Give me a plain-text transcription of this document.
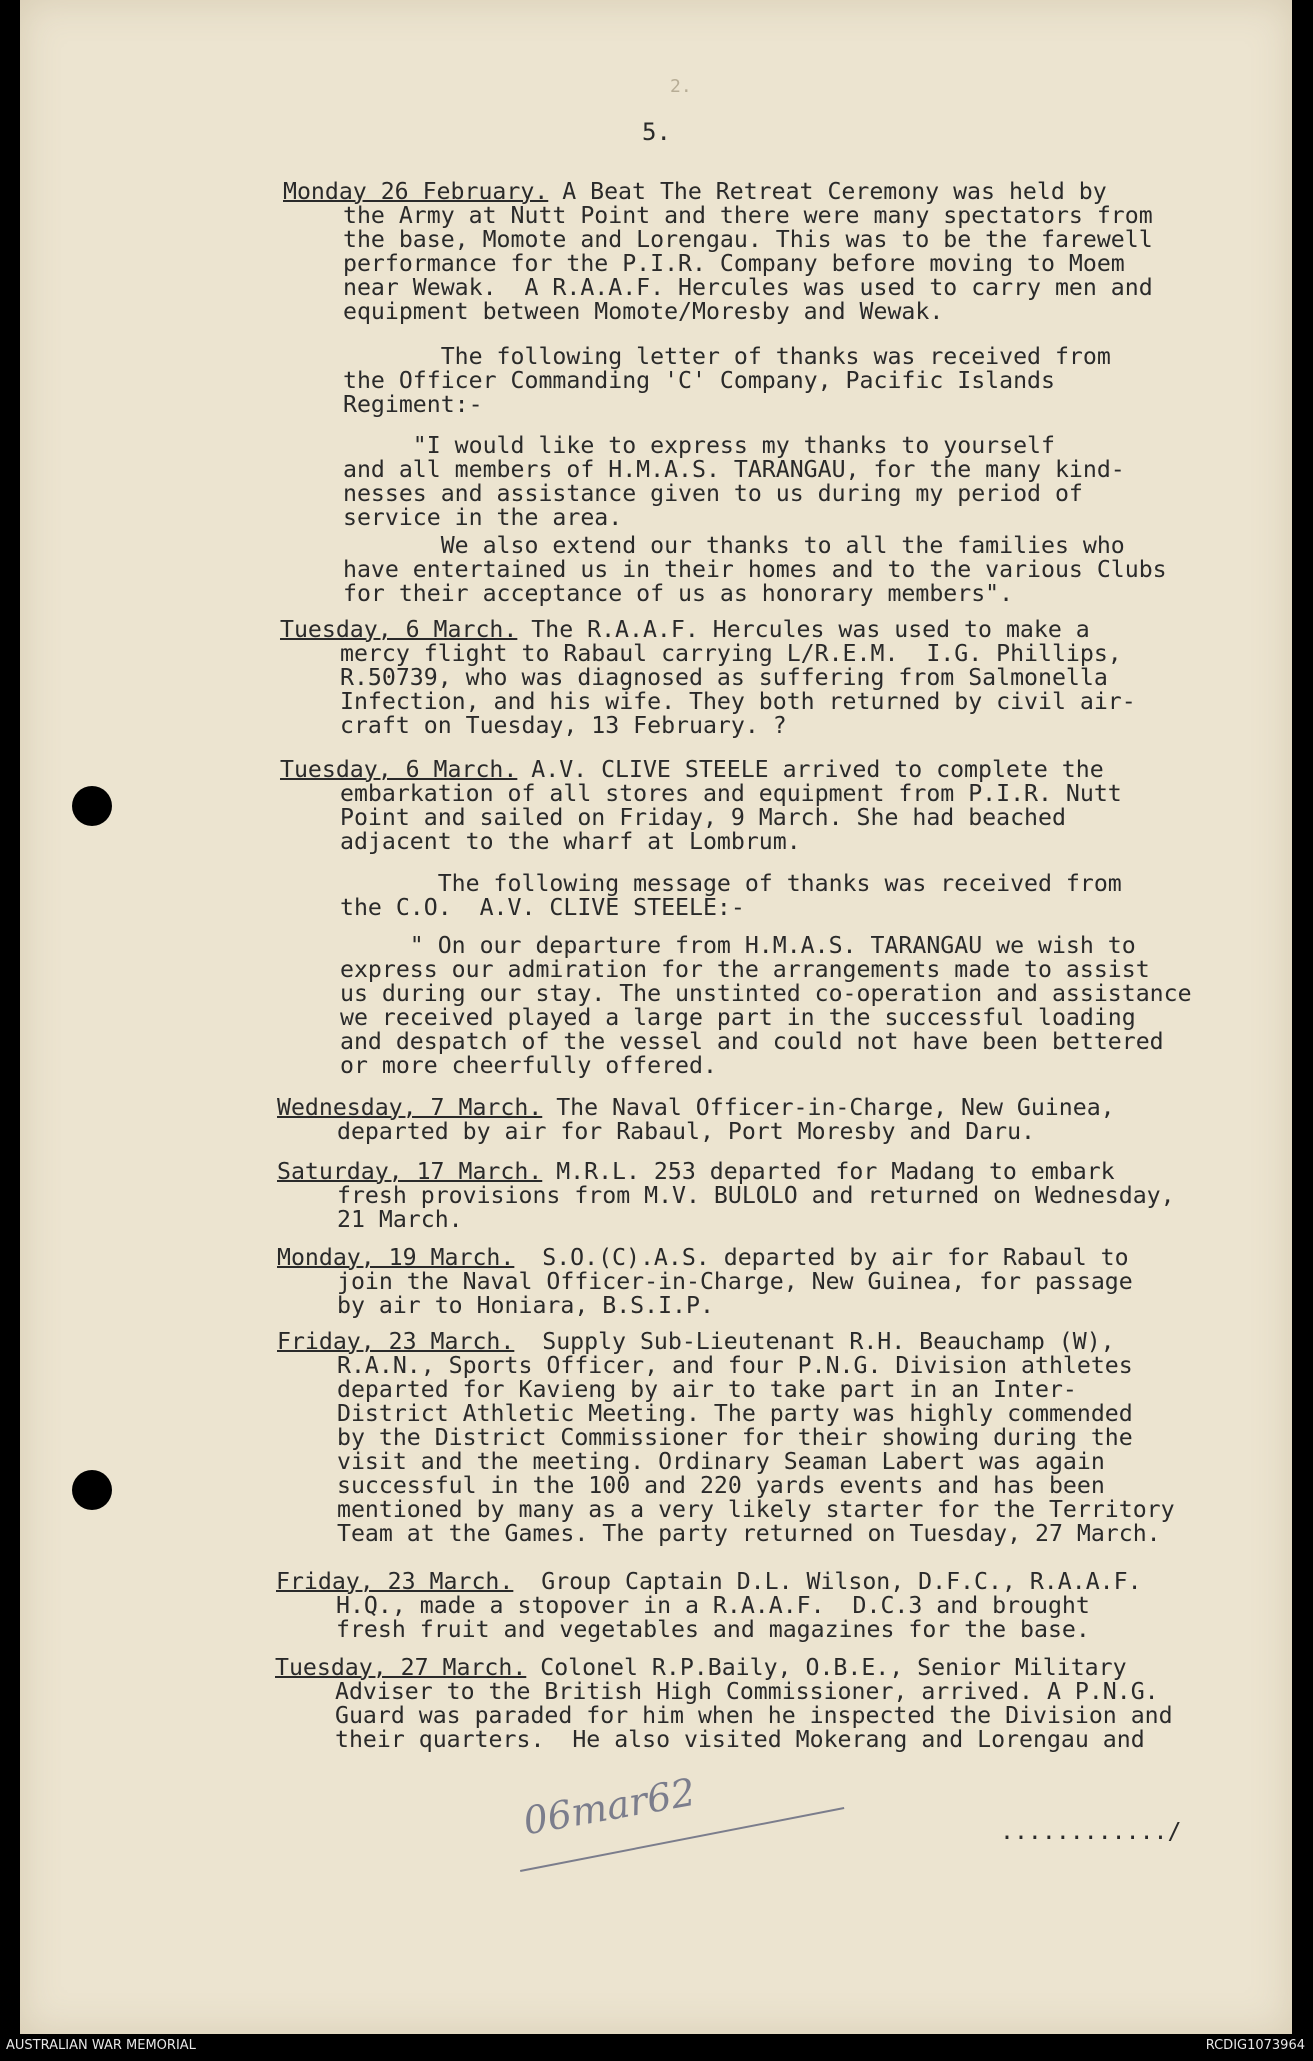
2.
5.
Monday 26 February. A Beat The Retreat Ceremony was held by
the Army at Nutt Point and there were many spectators from
the base, Momote and Lorengau. This was to be the farewell
performance for the P.I.R. Company before moving to Moem
near Wewak.  A R.A.A.F. Hercules was used to carry men and
equipment between Momote/Moresby and Wewak.
The following letter of thanks was received from
the Officer Commanding 'C' Company, Pacific Islands
Regiment:-
"I would like to express my thanks to yourself
and all members of H.M.A.S. TARANGAU, for the many kind-
nesses and assistance given to us during my period of
service in the area.
We also extend our thanks to all the families who
have entertained us in their homes and to the various Clubs
for their acceptance of us as honorary members".
Tuesday, 6 March. The R.A.A.F. Hercules was used to make a
mercy flight to Rabaul carrying L/R.E.M.  I.G. Phillips,
R.50739, who was diagnosed as suffering from Salmonella
Infection, and his wife. They both returned by civil air-
craft on Tuesday, 13 February. ?
Tuesday, 6 March. A.V. CLIVE STEELE arrived to complete the
embarkation of all stores and equipment from P.I.R. Nutt
Point and sailed on Friday, 9 March. She had beached
adjacent to the wharf at Lombrum.
The following message of thanks was received from
the C.O.  A.V. CLIVE STEELE:-
" On our departure from H.M.A.S. TARANGAU we wish to
express our admiration for the arrangements made to assist
us during our stay. The unstinted co-operation and assistance
we received played a large part in the successful loading
and despatch of the vessel and could not have been bettered
or more cheerfully offered.
Wednesday, 7 March. The Naval Officer-in-Charge, New Guinea,
departed by air for Rabaul, Port Moresby and Daru.
Saturday, 17 March. M.R.L. 253 departed for Madang to embark
fresh provisions from M.V. BULOLO and returned on Wednesday,
21 March.
Monday, 19 March.  S.O.(C).A.S. departed by air for Rabaul to
join the Naval Officer-in-Charge, New Guinea, for passage
by air to Honiara, B.S.I.P.
Friday, 23 March.  Supply Sub-Lieutenant R.H. Beauchamp (W),
R.A.N., Sports Officer, and four P.N.G. Division athletes
departed for Kavieng by air to take part in an Inter-
District Athletic Meeting. The party was highly commended
by the District Commissioner for their showing during the
visit and the meeting. Ordinary Seaman Labert was again
successful in the 100 and 220 yards events and has been
mentioned by many as a very likely starter for the Territory
Team at the Games. The party returned on Tuesday, 27 March.
Friday, 23 March.  Group Captain D.L. Wilson, D.F.C., R.A.A.F.
H.Q., made a stopover in a R.A.A.F.  D.C.3 and brought
fresh fruit and vegetables and magazines for the base.
Tuesday, 27 March. Colonel R.P.Baily, O.B.E., Senior Military
Adviser to the British High Commissioner, arrived. A P.N.G.
Guard was paraded for him when he inspected the Division and
their quarters.  He also visited Mokerang and Lorengau and
............/
06mar62
AUSTRALIAN WAR MEMORIAL	RCDIG1073964
